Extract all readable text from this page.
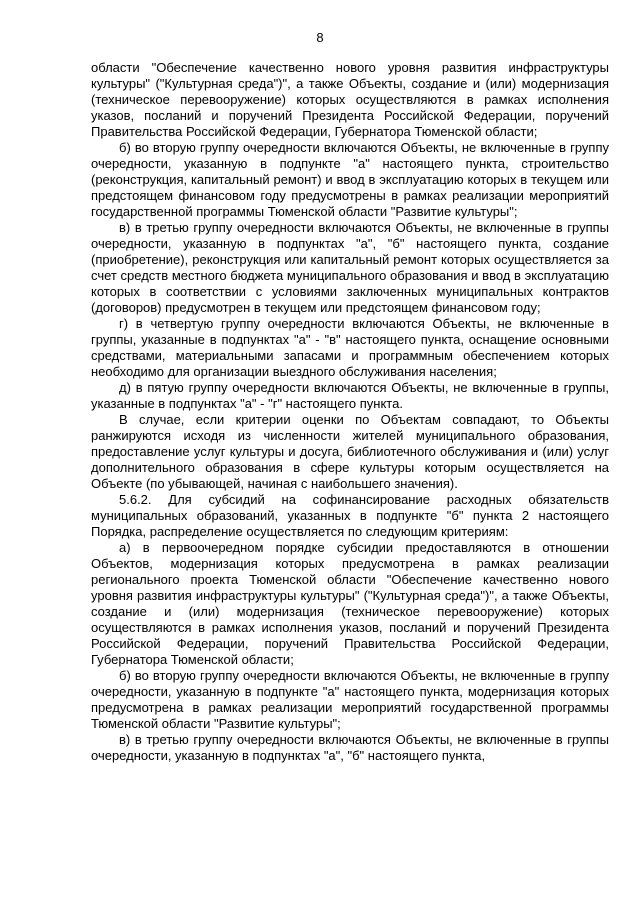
8

области "Обеспечение качественно нового уровня развития инфраструктуры культуры" ("Культурная среда")", а также Объекты, создание и (или) модернизация (техническое перевооружение) которых осуществляются в рамках исполнения указов, посланий и поручений Президента Российской Федерации, поручений Правительства Российской Федерации, Губернатора Тюменской области;

б) во вторую группу очередности включаются Объекты, не включенные в группу очередности, указанную в подпункте "а" настоящего пункта, строительство (реконструкция, капитальный ремонт) и ввод в эксплуатацию которых в текущем или предстоящем финансовом году предусмотрены в рамках реализации мероприятий государственной программы Тюменской области "Развитие культуры";

в) в третью группу очередности включаются Объекты, не включенные в группы очередности, указанную в подпунктах "а", "б" настоящего пункта, создание (приобретение), реконструкция или капитальный ремонт которых осуществляется за счет средств местного бюджета муниципального образования и ввод в эксплуатацию которых в соответствии с условиями заключенных муниципальных контрактов (договоров) предусмотрен в текущем или предстоящем финансовом году;

г) в четвертую группу очередности включаются Объекты, не включенные в группы, указанные в подпунктах "а" - "в" настоящего пункта, оснащение основными средствами, материальными запасами и программным обеспечением которых необходимо для организации выездного обслуживания населения;

д) в пятую группу очередности включаются Объекты, не включенные в группы, указанные в подпунктах "а" - "г" настоящего пункта.

В случае, если критерии оценки по Объектам совпадают, то Объекты ранжируются исходя из численности жителей муниципального образования, предоставление услуг культуры и досуга, библиотечного обслуживания и (или) услуг дополнительного образования в сфере культуры которым осуществляется на Объекте (по убывающей, начиная с наибольшего значения).

5.6.2. Для субсидий на софинансирование расходных обязательств муниципальных образований, указанных в подпункте "б" пункта 2 настоящего Порядка, распределение осуществляется по следующим критериям:

а) в первоочередном порядке субсидии предоставляются в отношении Объектов, модернизация которых предусмотрена в рамках реализации регионального проекта Тюменской области "Обеспечение качественно нового уровня развития инфраструктуры культуры" ("Культурная среда")", а также Объекты, создание и (или) модернизация (техническое перевооружение) которых осуществляются в рамках исполнения указов, посланий и поручений Президента Российской Федерации, поручений Правительства Российской Федерации, Губернатора Тюменской области;

б) во вторую группу очередности включаются Объекты, не включенные в группу очередности, указанную в подпункте "а" настоящего пункта, модернизация которых предусмотрена в рамках реализации мероприятий государственной программы Тюменской области "Развитие культуры";

в) в третью группу очередности включаются Объекты, не включенные в группы очередности, указанную в подпунктах "а", "б" настоящего пункта,
